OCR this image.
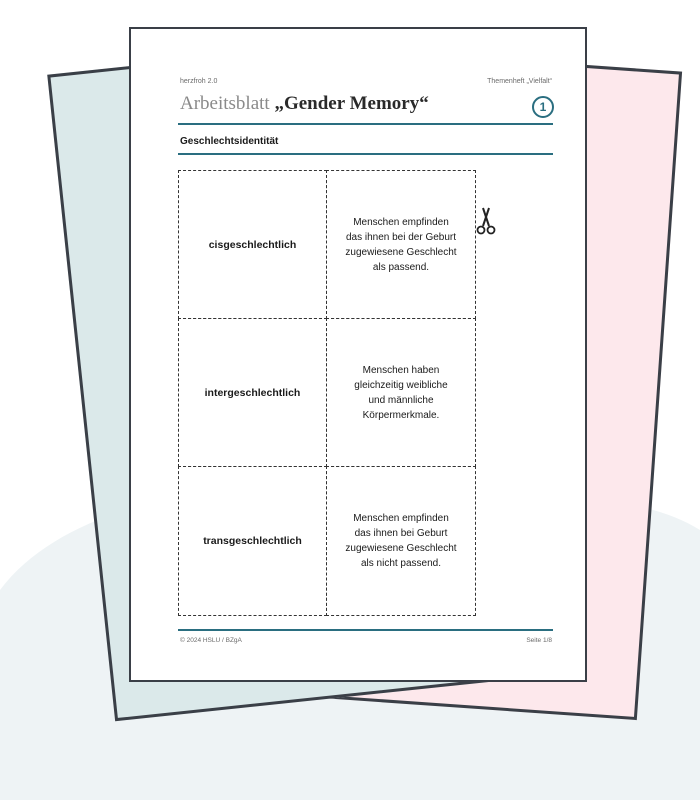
herzfroh 2.0	Themenheft „Vielfalt“
Arbeitsblatt „Gender Memory“	1
Geschlechtsidentität
cisgeschlechtlich
Menschen empfinden
das ihnen bei der Geburt
zugewiesene Geschlecht
als passend.
intergeschlechtlich
Menschen haben
gleichzeitig weibliche
und männliche
Körpermerkmale.
transgeschlechtlich
Menschen empfinden
das ihnen bei Geburt
zugewiesene Geschlecht
als nicht passend.
© 2024 HSLU / BZgA	Seite 1/8
